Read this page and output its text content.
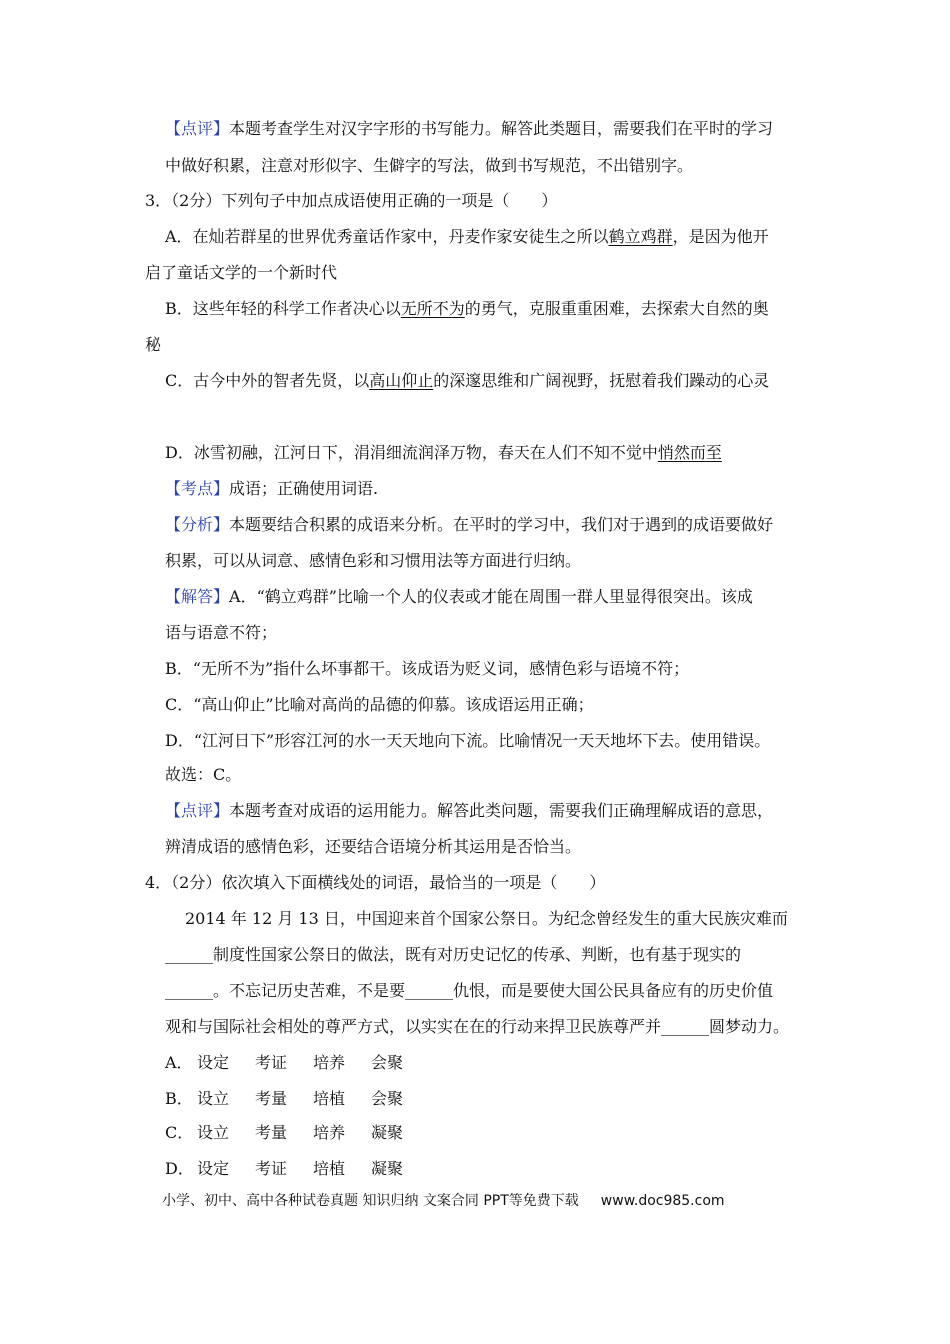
【点评】本题考查学生对汉字字形的书写能力。解答此类题目，需要我们在平时的学习
中做好积累，注意对形似字、生僻字的写法，做到书写规范，不出错别字。
3．（2分）下列句子中加点成语使用正确的一项是（　　）
A．在灿若群星的世界优秀童话作家中，丹麦作家安徒生之所以鹤立鸡群，是因为他开
启了童话文学的一个新时代
B．这些年轻的科学工作者决心以无所不为的勇气，克服重重困难，去探索大自然的奥
秘
C．古今中外的智者先贤，以高山仰止的深邃思维和广阔视野，抚慰着我们躁动的心灵
D．冰雪初融，江河日下，涓涓细流润泽万物，春天在人们不知不觉中悄然而至
【考点】成语；正确使用词语.
【分析】本题要结合积累的成语来分析。在平时的学习中，我们对于遇到的成语要做好
积累，可以从词意、感情色彩和习惯用法等方面进行归纳。
【解答】A．“鹤立鸡群”比喻一个人的仪表或才能在周围一群人里显得很突出。该成
语与语意不符；
B．“无所不为”指什么坏事都干。该成语为贬义词，感情色彩与语境不符；
C．“高山仰止”比喻对高尚的品德的仰慕。该成语运用正确；
D．“江河日下”形容江河的水一天天地向下流。比喻情况一天天地坏下去。使用错误。
故选：C。
【点评】本题考查对成语的运用能力。解答此类问题，需要我们正确理解成语的意思，
辨清成语的感情色彩，还要结合语境分析其运用是否恰当。
4．（2分）依次填入下面横线处的词语，最恰当的一项是（　　）
2014 年 12 月 13 日，中国迎来首个国家公祭日。为纪念曾经发生的重大民族灾难而
______制度性国家公祭日的做法，既有对历史记忆的传承、判断，也有基于现实的
______。不忘记历史苦难，不是要______仇恨，而是要使大国公民具备应有的历史价值
观和与国际社会相处的尊严方式，以实实在在的行动来捍卫民族尊严并______圆梦动力。
A． 设定 考证 培养 会聚
B． 设立 考量 培植 会聚
C． 设立 考量 培养 凝聚
D． 设定 考证 培植 凝聚
小学、初中、高中各种试卷真题 知识归纳 文案合同 PPT等免费下载 www.doc985.com
